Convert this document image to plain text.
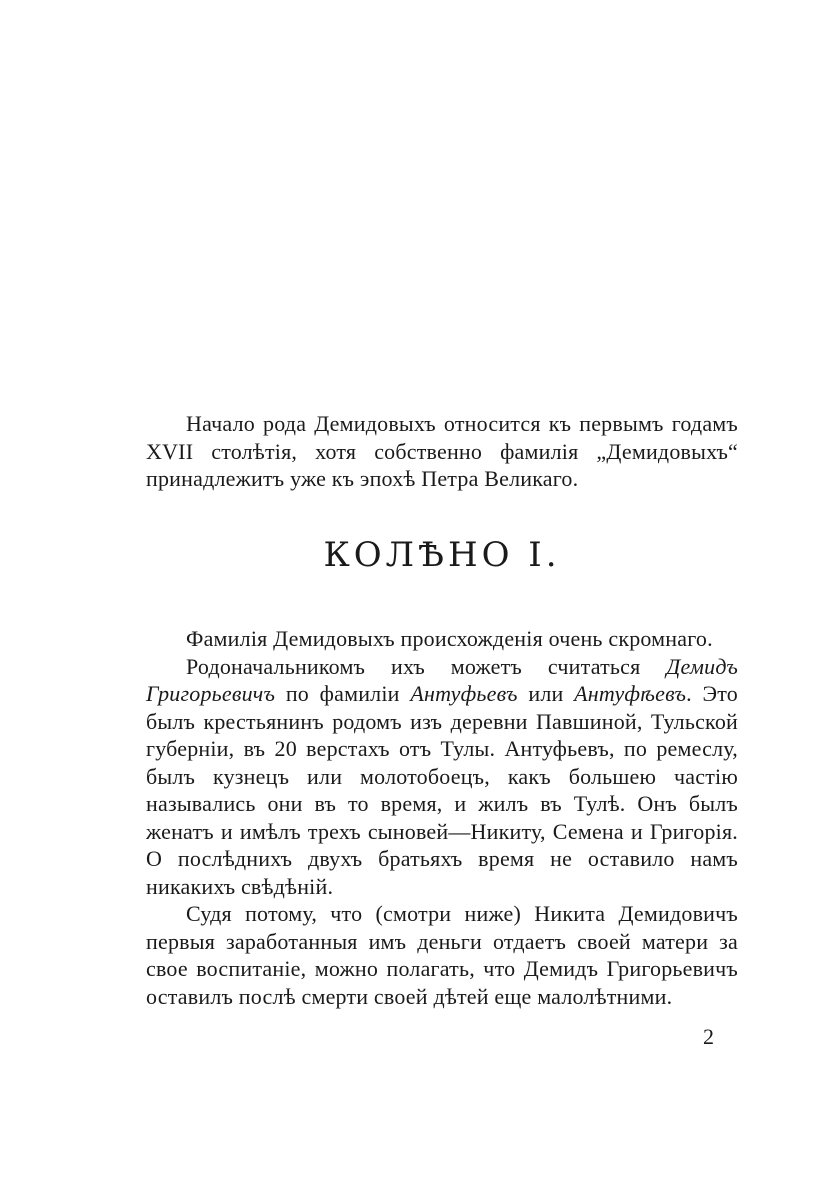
Начало рода Демидовыхъ относится къ первымъ годамъ XVII столѣтія, хотя собственно фамилія „Демидовыхъ“ принадлежитъ уже къ эпохѣ Петра Великаго.

КОЛѢНО I.

Фамилія Демидовыхъ происхожденія очень скромнаго.

Родоначальникомъ ихъ можетъ считаться Демидъ Григорьевичъ по фамиліи Антуфьевъ или Антуфѣевъ. Это былъ крестьянинъ родомъ изъ деревни Павшиной, Тульской губерніи, въ 20 верстахъ отъ Тулы. Антуфьевъ, по ремеслу, былъ кузнецъ или молотобоецъ, какъ большею частію назывались они въ то время, и жилъ въ Тулѣ. Онъ былъ женатъ и имѣлъ трехъ сыновей—Никиту, Семена и Григорія. О послѣднихъ двухъ братьяхъ время не оставило намъ никакихъ свѣдѣній.

Судя потому, что (смотри ниже) Никита Демидовичъ первыя заработанныя имъ деньги отдаетъ своей матери за свое воспитаніе, можно полагать, что Демидъ Григорьевичъ оставилъ послѣ смерти своей дѣтей еще малолѣтними.

2
